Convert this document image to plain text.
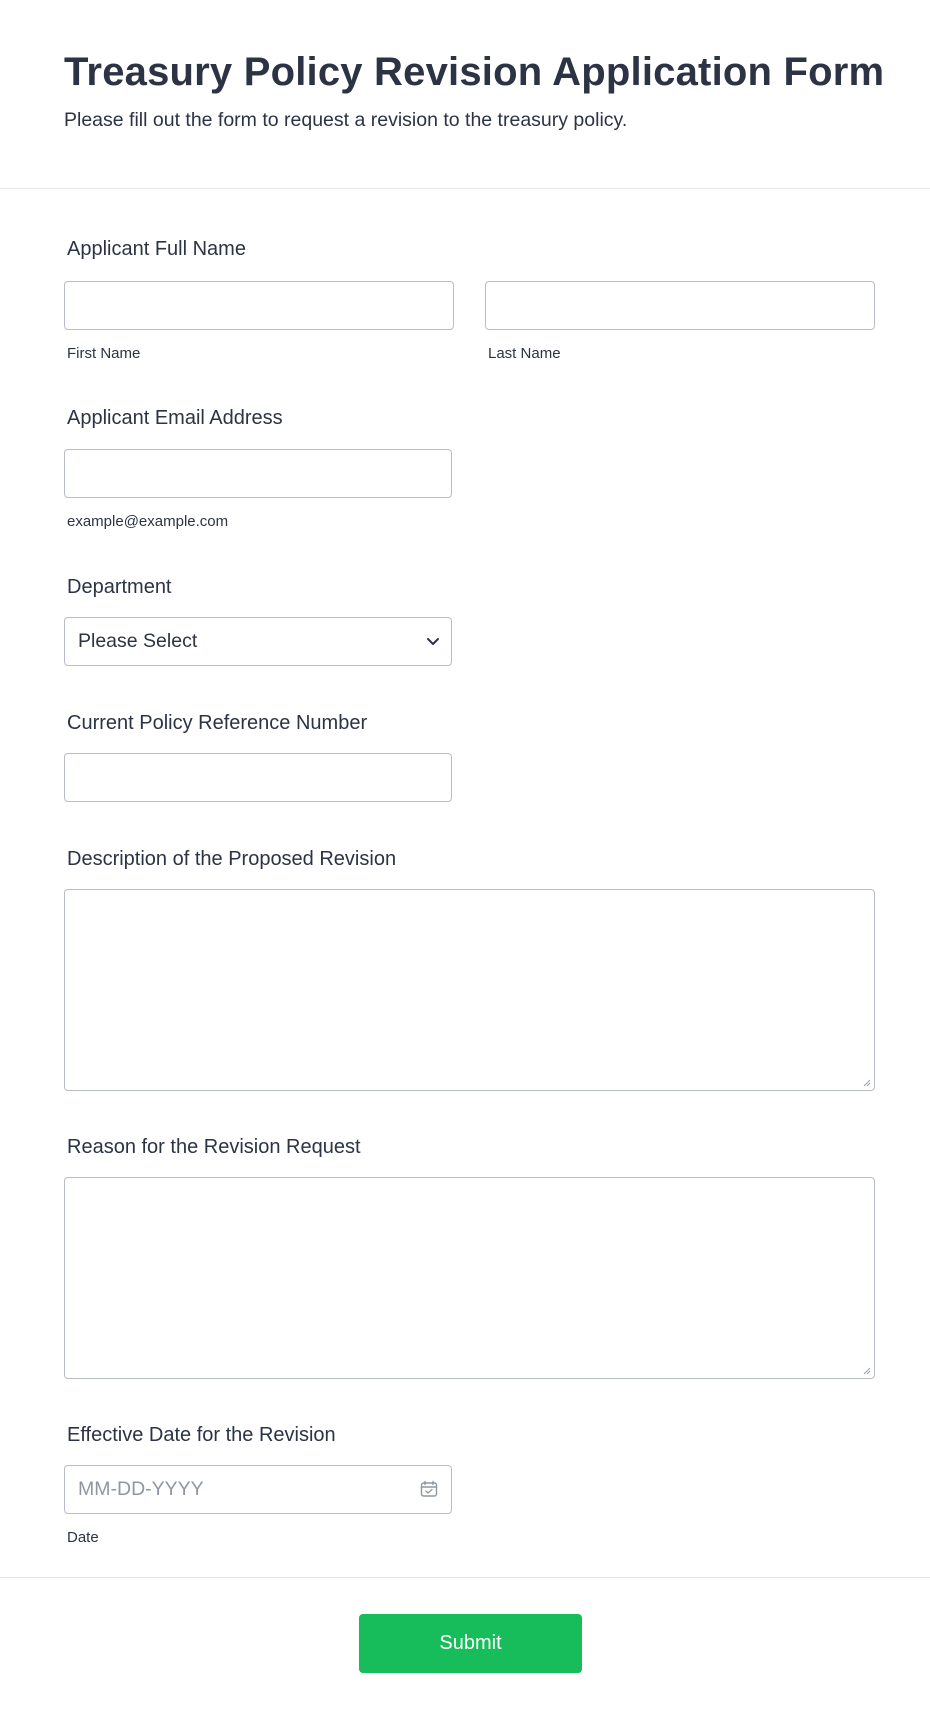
Treasury Policy Revision Application Form

Please fill out the form to request a revision to the treasury policy.

Applicant Full Name
First Name	Last Name
Applicant Email Address
example@example.com
Department
Please Select
Current Policy Reference Number
Description of the Proposed Revision
Reason for the Revision Request
Effective Date for the Revision
MM-DD-YYYY
Date
Submit
